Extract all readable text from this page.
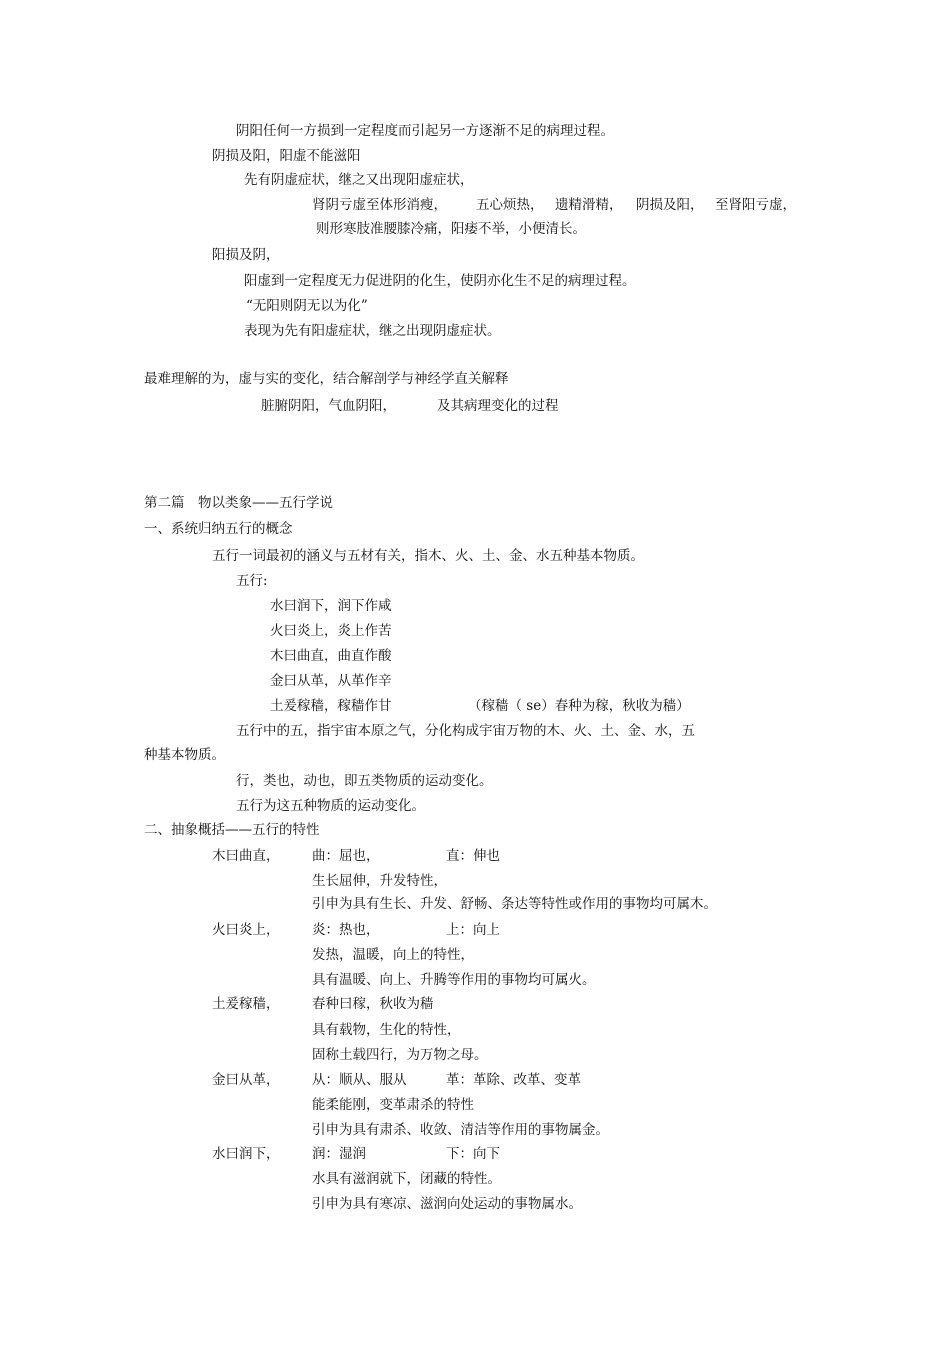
阴阳任何一方损到一定程度而引起另一方逐渐不足的病理过程。
阴损及阳，阳虚不能滋阳
先有阴虚症状，继之又出现阳虚症状，
肾阴亏虚至体形消瘦， 五心烦热， 遗精滑精， 阴损及阳， 至肾阳亏虚，
则形寒肢准腰膝冷痛，阳痿不举，小便清长。
阳损及阴，
阳虚到一定程度无力促进阴的化生，使阴亦化生不足的病理过程。
“无阳则阴无以为化”
表现为先有阳虚症状，继之出现阴虚症状。
最难理解的为，虚与实的变化，结合解剖学与神经学直关解释
脏腑阴阳，气血阴阳，	及其病理变化的过程
第二篇　物以类象——五行学说
一、系统归纳五行的概念
五行一词最初的涵义与五材有关，指木、火、土、金、水五种基本物质。
五行:
水曰润下，润下作咸
火曰炎上，炎上作苦
木曰曲直，曲直作酸
金曰从革，从革作辛
土爰稼穑，稼穑作甘	（稼穑（ se）春种为稼，秋收为穑）
五行中的五，指宇宙本原之气，分化构成宇宙万物的木、火、土、金、水，五
种基本物质。
行，类也，动也，即五类物质的运动变化。
五行为这五种物质的运动变化。
二、抽象概括——五行的特性
木曰曲直， 曲：屈也，	直：伸也
生长屈伸，升发特性，
引申为具有生长、升发、舒畅、条达等特性或作用的事物均可属木。
火曰炎上， 炎：热也，	上：向上
发热，温暖，向上的特性，
具有温暖、向上、升腾等作用的事物均可属火。
土爰稼穑， 春种曰稼，秋收为穑
具有载物，生化的特性，
固称土载四行，为万物之母。
金曰从革， 从：顺从、服从	革：革除、改革、变革
能柔能刚，变革肃杀的特性
引申为具有肃杀、收敛、清洁等作用的事物属金。
水曰润下， 润：湿润	下：向下
水具有滋润就下，闭藏的特性。
引申为具有寒凉、滋润向处运动的事物属水。
